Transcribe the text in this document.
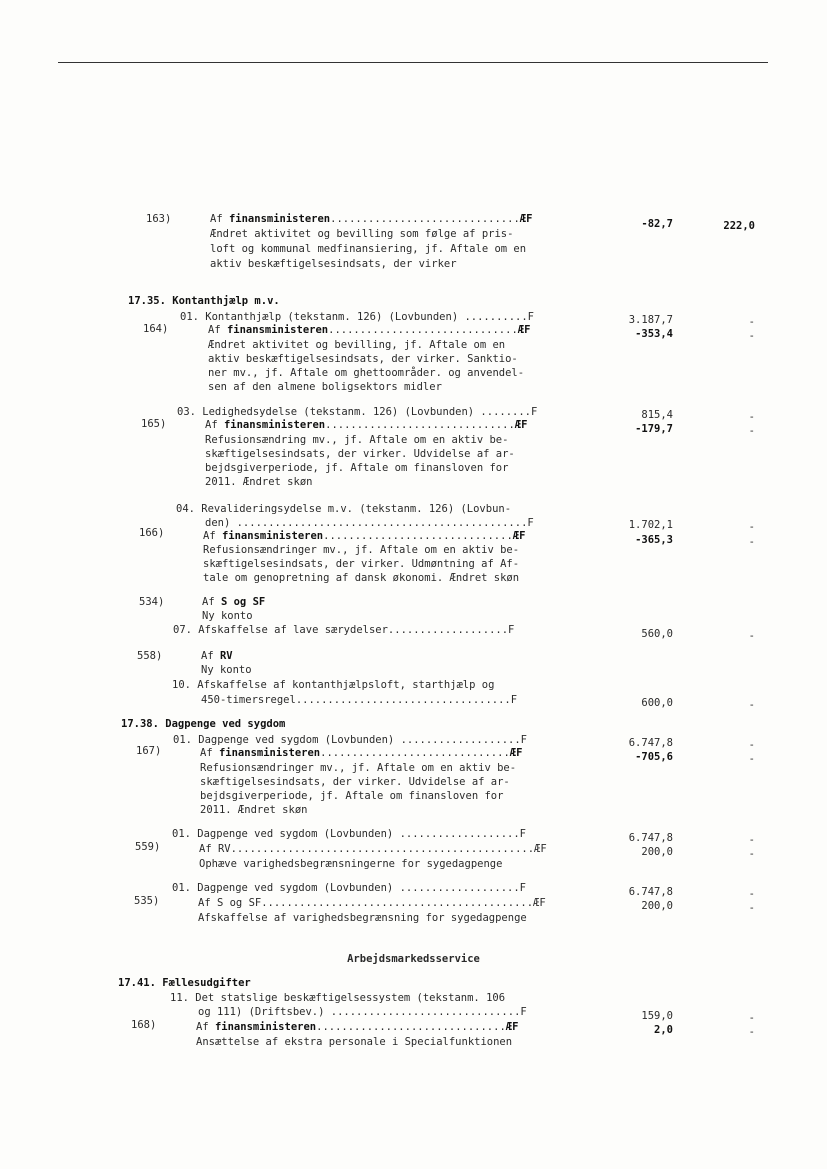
163)	Af finansministeren..............................ÆF	-82,7	222,0
Ændret aktivitet og bevilling som følge af pris-
loft og kommunal medfinansiering, jf. Aftale om en
aktiv beskæftigelsesindsats, der virker
17.35. Kontanthjælp m.v.
01. Kontanthjælp (tekstanm. 126) (Lovbunden) ..........F	3.187,7	-
164)	Af finansministeren..............................ÆF	-353,4	-
Ændret aktivitet og bevilling, jf. Aftale om en
aktiv beskæftigelsesindsats, der virker. Sanktio-
ner mv., jf. Aftale om ghettoområder. og anvendel-
sen af den almene boligsektors midler
03. Ledighedsydelse (tekstanm. 126) (Lovbunden) ........F	815,4	-
165)	Af finansministeren..............................ÆF	-179,7	-
Refusionsændring mv., jf. Aftale om en aktiv be-
skæftigelsesindsats, der virker. Udvidelse af ar-
bejdsgiverperiode, jf. Aftale om finansloven for
2011. Ændret skøn
04. Revalideringsydelse m.v. (tekstanm. 126) (Lovbun-
den) ..............................................F	1.702,1	-
166)	Af finansministeren..............................ÆF	-365,3	-
Refusionsændringer mv., jf. Aftale om en aktiv be-
skæftigelsesindsats, der virker. Udmøntning af Af-
tale om genopretning af dansk økonomi. Ændret skøn
534)	Af S og SF
Ny konto
07. Afskaffelse af lave særydelser...................F	560,0	-
558)	Af RV
Ny konto
10. Afskaffelse af kontanthjælpsloft, starthjælp og
450-timersregel..................................F	600,0	-
17.38. Dagpenge ved sygdom
01. Dagpenge ved sygdom (Lovbunden) ...................F	6.747,8	-
167)	Af finansministeren..............................ÆF	-705,6	-
Refusionsændringer mv., jf. Aftale om en aktiv be-
skæftigelsesindsats, der virker. Udvidelse af ar-
bejdsgiverperiode, jf. Aftale om finansloven for
2011. Ændret skøn
01. Dagpenge ved sygdom (Lovbunden) ...................F	6.747,8	-
559)	Af RV................................................ÆF	200,0	-
Ophæve varighedsbegrænsningerne for sygedagpenge
01. Dagpenge ved sygdom (Lovbunden) ...................F	6.747,8	-
535)	Af S og SF...........................................ÆF	200,0	-
Afskaffelse af varighedsbegrænsning for sygedagpenge
Arbejdsmarkedsservice
17.41. Fællesudgifter
11. Det statslige beskæftigelsessystem (tekstanm. 106
og 111) (Driftsbev.) ..............................F	159,0	-
168)	Af finansministeren..............................ÆF	2,0	-
Ansættelse af ekstra personale i Specialfunktionen
